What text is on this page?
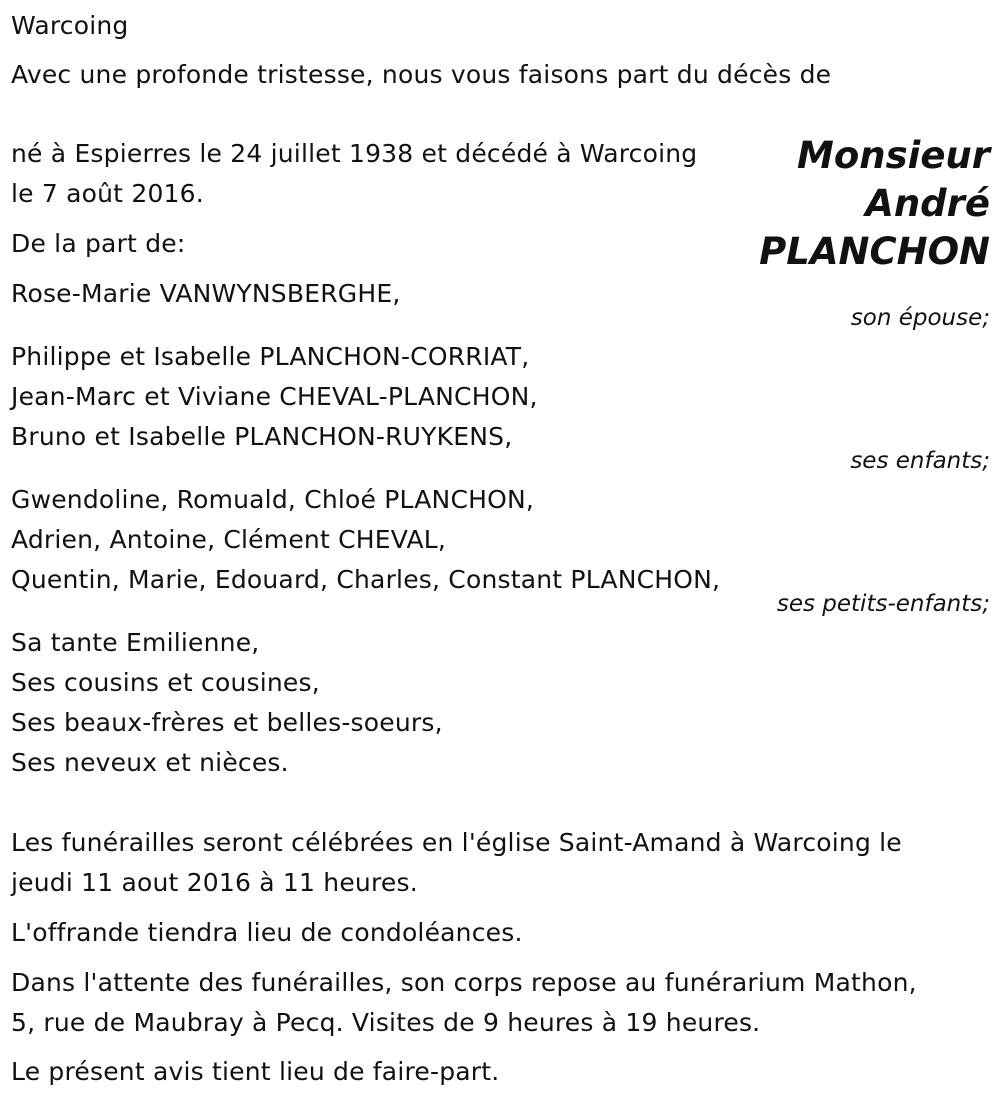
Warcoing
Avec une profonde tristesse, nous vous faisons part du décès de
Monsieur
André
PLANCHON
né à Espierres le 24 juillet 1938 et décédé à Warcoing
le 7 août 2016.
De la part de:
Rose-Marie VANWYNSBERGHE,
son épouse;
Philippe et Isabelle PLANCHON-CORRIAT,
Jean-Marc et Viviane CHEVAL-PLANCHON,
Bruno et Isabelle PLANCHON-RUYKENS,
ses enfants;
Gwendoline, Romuald, Chloé PLANCHON,
Adrien, Antoine, Clément CHEVAL,
Quentin, Marie, Edouard, Charles, Constant PLANCHON,
ses petits-enfants;
Sa tante Emilienne,
Ses cousins et cousines,
Ses beaux-frères et belles-soeurs,
Ses neveux et nièces.
Les funérailles seront célébrées en l'église Saint-Amand à Warcoing le
jeudi 11 aout 2016 à 11 heures.
L'offrande tiendra lieu de condoléances.
Dans l'attente des funérailles, son corps repose au funérarium Mathon,
5, rue de Maubray à Pecq. Visites de 9 heures à 19 heures.
Le présent avis tient lieu de faire-part.
